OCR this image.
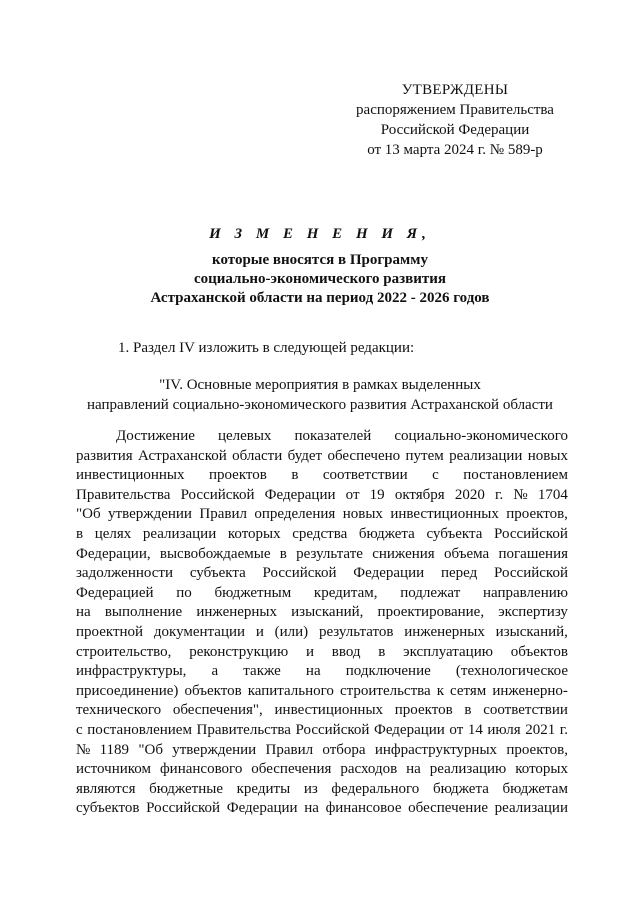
УТВЕРЖДЕНЫ
распоряжением Правительства
Российской Федерации
от 13 марта 2024 г. № 589-р
И З М Е Н Е Н И Я,
которые вносятся в Программу
социально-экономического развития
Астраханской области на период 2022 - 2026 годов
1. Раздел IV изложить в следующей редакции:
"IV. Основные мероприятия в рамках выделенных
направлений социально-экономического развития Астраханской области
Достижение целевых показателей социально-экономического
развития Астраханской области будет обеспечено путем реализации новых
инвестиционных проектов в соответствии с постановлением
Правительства Российской Федерации от 19 октября 2020 г. № 1704
"Об утверждении Правил определения новых инвестиционных проектов,
в целях реализации которых средства бюджета субъекта Российской
Федерации, высвобождаемые в результате снижения объема погашения
задолженности субъекта Российской Федерации перед Российской
Федерацией по бюджетным кредитам, подлежат направлению
на выполнение инженерных изысканий, проектирование, экспертизу
проектной документации и (или) результатов инженерных изысканий,
строительство, реконструкцию и ввод в эксплуатацию объектов
инфраструктуры, а также на подключение (технологическое
присоединение) объектов капитального строительства к сетям инженерно-
технического обеспечения", инвестиционных проектов в соответствии
с постановлением Правительства Российской Федерации от 14 июля 2021 г.
№ 1189 "Об утверждении Правил отбора инфраструктурных проектов,
источником финансового обеспечения расходов на реализацию которых
являются бюджетные кредиты из федерального бюджета бюджетам
субъектов Российской Федерации на финансовое обеспечение реализации
